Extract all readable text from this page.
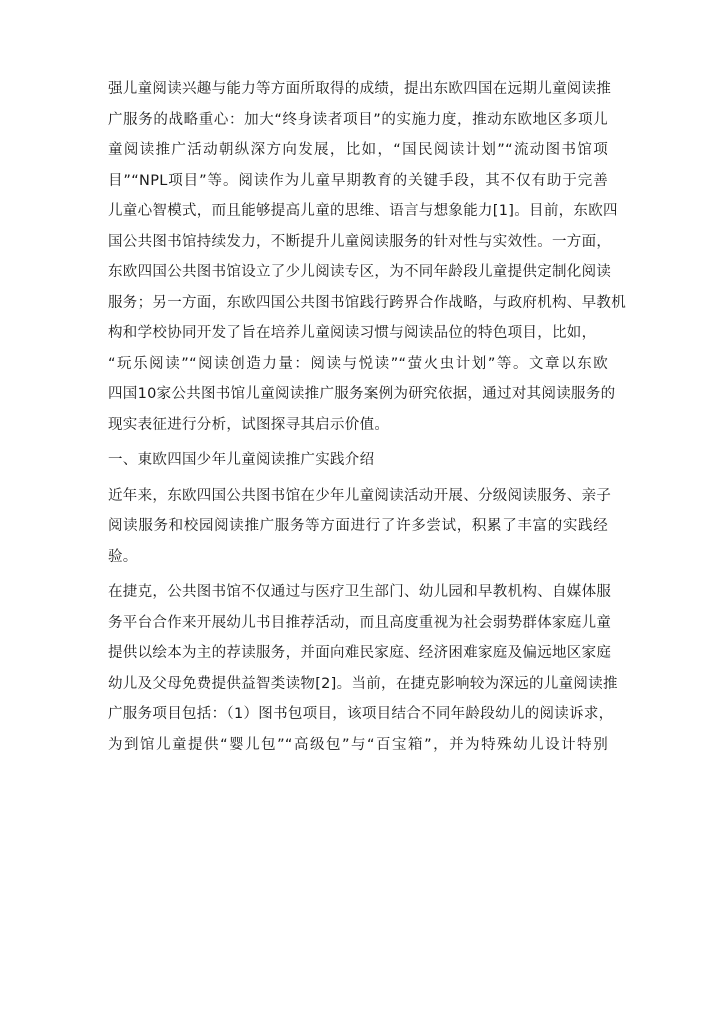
强儿童阅读兴趣与能力等方面所取得的成绩，提出东欧四国在远期儿童阅读推
广服务的战略重心：加大“终身读者项目”的实施力度，推动东欧地区多项儿
童阅读推广活动朝纵深方向发展，比如，“国民阅读计划”“流动图书馆项
目”“NPL项目”等。阅读作为儿童早期教育的关键手段，其不仅有助于完善
儿童心智模式，而且能够提高儿童的思维、语言与想象能力[1]。目前，东欧四
国公共图书馆持续发力，不断提升儿童阅读服务的针对性与实效性。一方面，
东欧四国公共图书馆设立了少儿阅读专区，为不同年龄段儿童提供定制化阅读
服务；另一方面，东欧四国公共图书馆践行跨界合作战略，与政府机构、早教机
构和学校协同开发了旨在培养儿童阅读习惯与阅读品位的特色项目，比如，
“玩乐阅读”“阅读创造力量：阅读与悦读”“萤火虫计划”等。文章以东欧
四国10家公共图书馆儿童阅读推广服务案例为研究依据，通过对其阅读服务的
现实表征进行分析，试图探寻其启示价值。
一、東欧四国少年儿童阅读推广实践介绍
近年来，东欧四国公共图书馆在少年儿童阅读活动开展、分级阅读服务、亲子
阅读服务和校园阅读推广服务等方面进行了许多尝试，积累了丰富的实践经
验。
在捷克，公共图书馆不仅通过与医疗卫生部门、幼儿园和早教机构、自媒体服
务平台合作来开展幼儿书目推荐活动，而且高度重视为社会弱势群体家庭儿童
提供以绘本为主的荐读服务，并面向难民家庭、经济困难家庭及偏远地区家庭
幼儿及父母免费提供益智类读物[2]。当前，在捷克影响较为深远的儿童阅读推
广服务项目包括：（1）图书包项目，该项目结合不同年龄段幼儿的阅读诉求，
为到馆儿童提供“婴儿包”“高级包”与“百宝箱”，并为特殊幼儿设计特别
